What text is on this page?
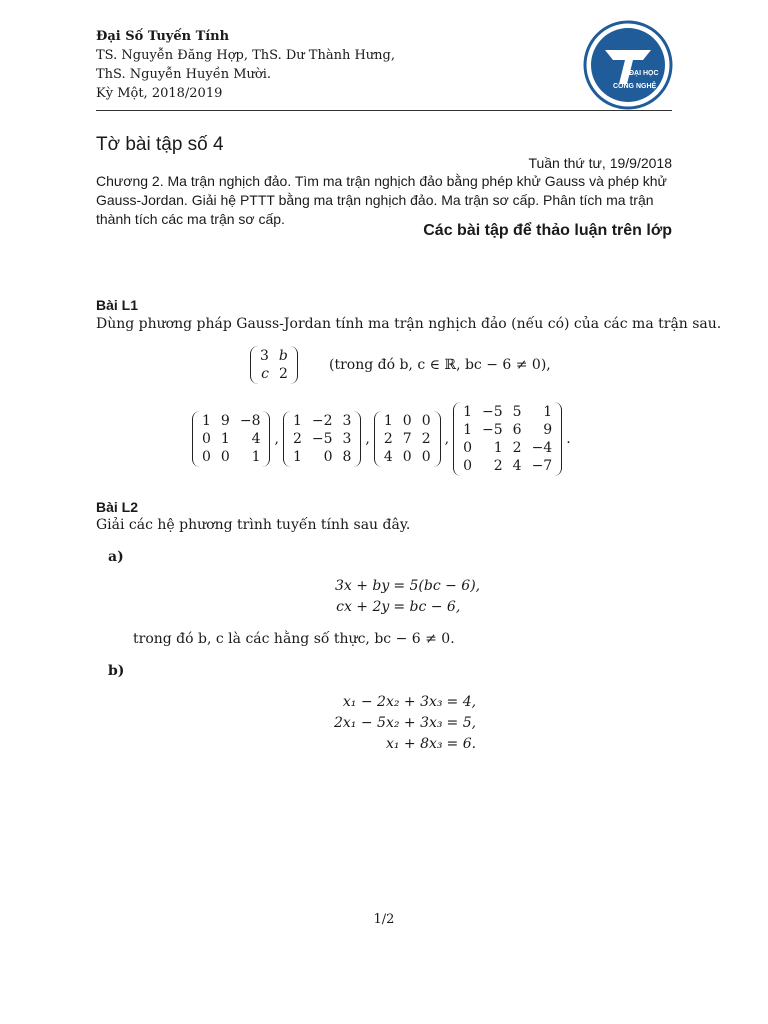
Đại Số Tuyến Tính
TS. Nguyễn Đăng Hợp, ThS. Dư Thành Hưng,
ThS. Nguyễn Huyền Mười.
Kỳ Một, 2018/2019
ĐẠI HỌC
CÔNG NGHỆ
Tờ bài tập số 4
Tuần thứ tư, 19/9/2018
Chương 2. Ma trận nghịch đảo. Tìm ma trận nghịch đảo bằng phép khử Gauss và phép khử Gauss-Jordan. Giải hệ PTTT bằng ma trận nghịch đảo. Ma trận sơ cấp. Phân tích ma trận thành tích các ma trận sơ cấp.
Các bài tập để thảo luận trên lớp
Bài L1
Dùng phương pháp Gauss-Jordan tính ma trận nghịch đảo (nếu có) của các ma trận sau.
3 b
c 2
(trong đó b, c ∈ ℝ, bc − 6 ≠ 0),
1 9 −8
0 1	4
0 0	1
,
1 −2 3
2 −5 3
1	0 8
,
1 0 0
2 7 2
4 0 0
,
1 −5 5	1
1 −5 6	9
0	1 2 −4
0	2 4 −7
.
Bài L2
Giải các hệ phương trình tuyến tính sau đây.
a)
3x + by = 5(bc − 6),
cx + 2y = bc − 6,
trong đó b, c là các hằng số thực, bc − 6 ≠ 0.
b)
x₁ − 2x₂ + 3x₃ = 4,
2x₁ − 5x₂ + 3x₃ = 5,
x₁ + 8x₃ = 6.
1/2
